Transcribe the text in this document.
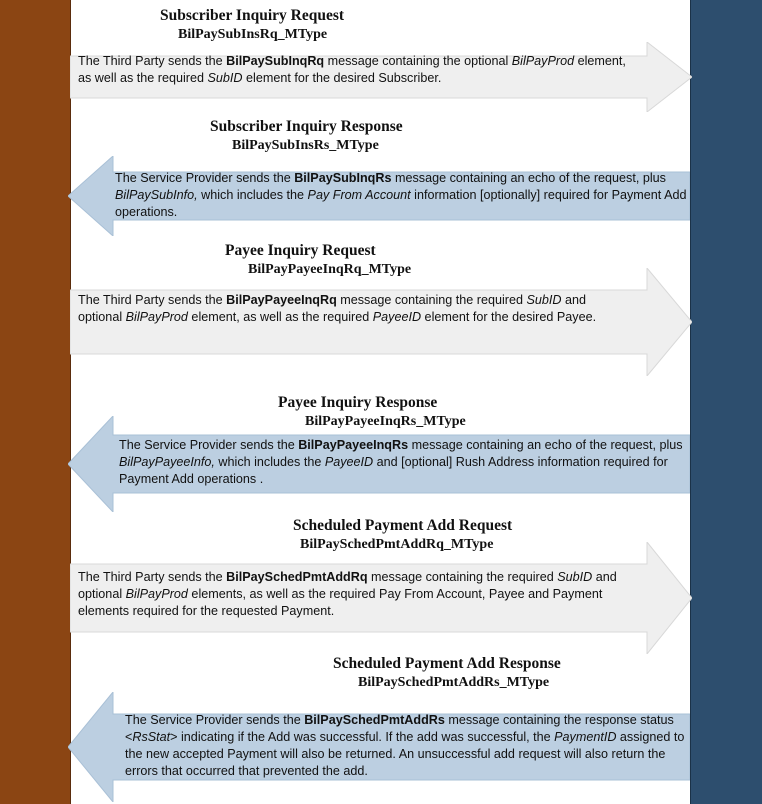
Subscriber Inquiry Request
BilPaySubInsRq_MType
The Third Party sends the BilPaySubInqRq message containing the optional BilPayProd element, as well as the required SubID element for the desired Subscriber.
Subscriber Inquiry Response
BilPaySubInsRs_MType
The Service Provider sends the BilPaySubInqRs message containing an echo of the request, plus BilPaySubInfo, which includes the Pay From Account information [optionally] required for Payment Add operations.
Payee Inquiry Request
BilPayPayeeInqRq_MType
The Third Party sends the BilPayPayeeInqRq message containing the required SubID and optional BilPayProd element, as well as the required PayeeID element for the desired Payee.
Payee Inquiry Response
BilPayPayeeInqRs_MType
The Service Provider sends the BilPayPayeeInqRs message containing an echo of the request, plus BilPayPayeeInfo, which includes the PayeeID and [optional] Rush Address information required for Payment Add operations .
Scheduled Payment Add Request
BilPaySchedPmtAddRq_MType
The Third Party sends the BilPaySchedPmtAddRq message containing the required SubID and optional BilPayProd elements, as well as the required Pay From Account, Payee and Payment elements required for the requested Payment.
Scheduled Payment Add Response
BilPaySchedPmtAddRs_MType
The Service Provider sends the BilPaySchedPmtAddRs message containing the response status <RsStat> indicating if the Add was successful. If the add was successful, the PaymentID assigned to the new accepted Payment will also be returned. An unsuccessful add request will also return the errors that occurred that prevented the add.
